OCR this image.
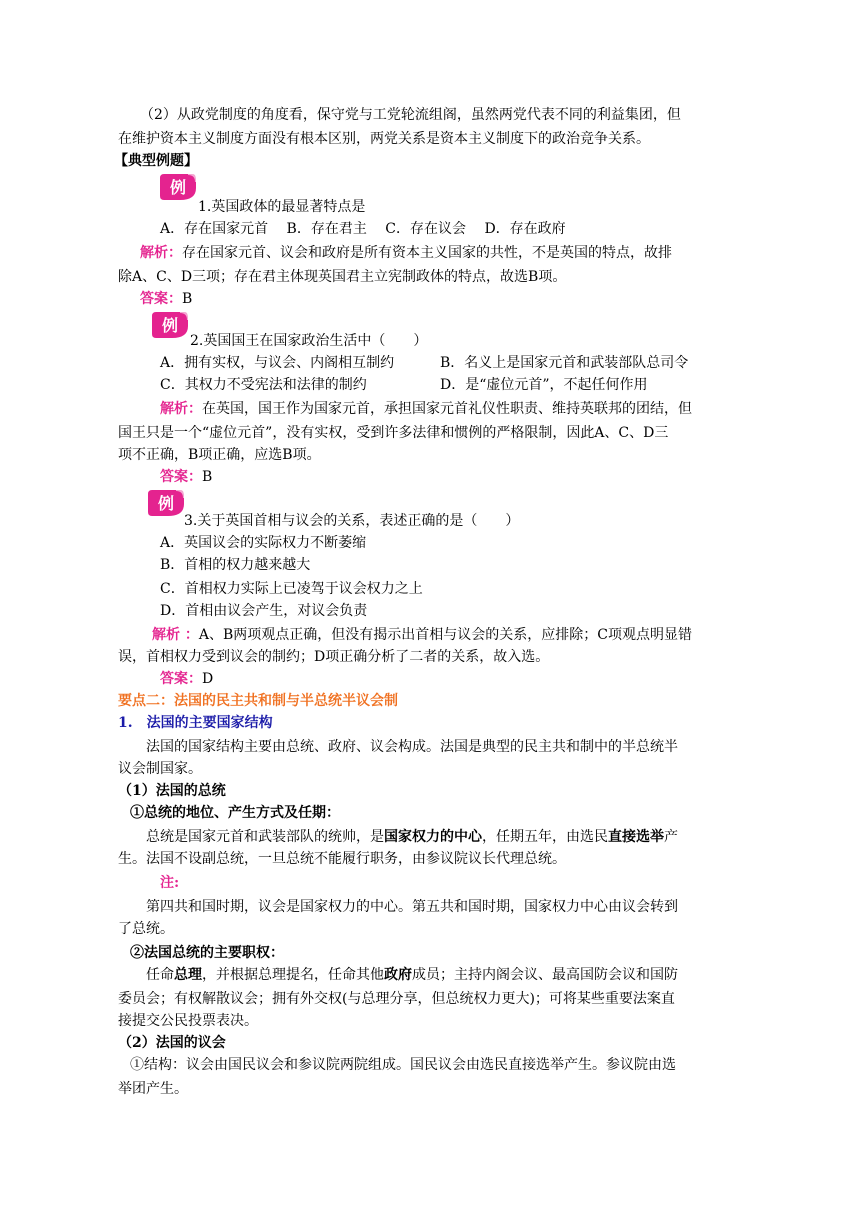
（2）从政党制度的角度看，保守党与工党轮流组阁，虽然两党代表不同的利益集团，但
在维护资本主义制度方面没有根本区别，两党关系是资本主义制度下的政治竞争关系。
【典型例题】
例
1.英国政体的最显著特点是
A．存在国家元首　 B．存在君主　 C．存在议会　 D．存在政府
解析：存在国家元首、议会和政府是所有资本主义国家的共性，不是英国的特点，故排
除A、C、D三项；存在君主体现英国君主立宪制政体的特点，故选B项。
答案：B
例
2.英国国王在国家政治生活中（　　）
A．拥有实权，与议会、内阁相互制约	B．名义上是国家元首和武装部队总司令
C．其权力不受宪法和法律的制约	D．是“虚位元首”，不起任何作用
解析：在英国，国王作为国家元首，承担国家元首礼仪性职责、维持英联邦的团结，但
国王只是一个“虚位元首”，没有实权，受到许多法律和惯例的严格限制，因此A、C、D三
项不正确，B项正确，应选B项。
答案：B
例
3.关于英国首相与议会的关系，表述正确的是（　　）
A．英国议会的实际权力不断萎缩
B．首相的权力越来越大
C．首相权力实际上已凌驾于议会权力之上
D．首相由议会产生，对议会负责
解析 ：A、B两项观点正确，但没有揭示出首相与议会的关系，应排除；C项观点明显错
误，首相权力受到议会的制约；D项正确分析了二者的关系，故入选。
答案：D
要点二：法国的民主共和制与半总统半议会制
1.　法国的主要国家结构
法国的国家结构主要由总统、政府、议会构成。法国是典型的民主共和制中的半总统半
议会制国家。
（1）法国的总统
①总统的地位、产生方式及任期：
总统是国家元首和武装部队的统帅，是国家权力的中心，任期五年，由选民直接选举产
生。法国不设副总统，一旦总统不能履行职务，由参议院议长代理总统。
注:
第四共和国时期，议会是国家权力的中心。第五共和国时期，国家权力中心由议会转到
了总统。
②法国总统的主要职权：
任命总理，并根据总理提名，任命其他政府成员；主持内阁会议、最高国防会议和国防
委员会；有权解散议会；拥有外交权(与总理分享，但总统权力更大)；可将某些重要法案直
接提交公民投票表决。
（2）法国的议会
①结构：议会由国民议会和参议院两院组成。国民议会由选民直接选举产生。参议院由选
举团产生。
